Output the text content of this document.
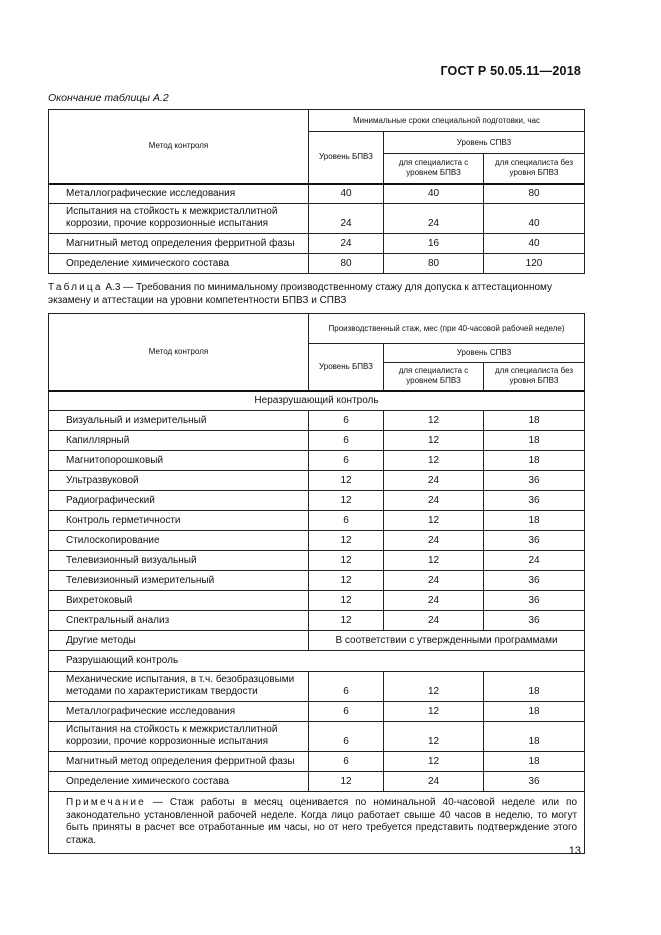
ГОСТ Р 50.05.11—2018
Окончание таблицы А.2
Метод контроля	Минимальные сроки специальной подготовки, час		
	Уровень БПВЗ	Уровень СПВЗ	
		для специалиста с уровнем БПВЗ	для специалиста без уровня БПВЗ
Металлографические исследования	40	40	80
Испытания на стойкость к межкристаллитной коррозии, прочие коррозионные испытания	24	24	40
Магнитный метод определения ферритной фазы	24	16	40
Определение химического состава	80	80	120
Таблица А.3 — Требования по минимальному производственному стажу для допуска к аттестационному экзамену и аттестации на уровни компетентности БПВЗ и СПВЗ
Метод контроля	Производственный стаж, мес (при 40-часовой рабочей неделе)		
	Уровень БПВЗ	Уровень СПВЗ	
		для специалиста с уровнем БПВЗ	для специалиста без уровня БПВЗ
Неразрушающий контроль			
Визуальный и измерительный	6	12	18
Капиллярный	6	12	18
Магнитопорошковый	6	12	18
Ультразвуковой	12	24	36
Радиографический	12	24	36
Контроль герметичности	6	12	18
Стилоскопирование	12	24	36
Телевизионный визуальный	12	12	24
Телевизионный измерительный	12	24	36
Вихретоковый	12	24	36
Спектральный анализ	12	24	36
Другие методы	В соответствии с утвержденными программами		
Разрушающий контроль			
Механические испытания, в т.ч. безобразцовыми методами по характеристикам твердости	6	12	18
Металлографические исследования	6	12	18
Испытания на стойкость к межкристаллитной коррозии, прочие коррозионные испытания	6	12	18
Магнитный метод определения ферритной фазы	6	12	18
Определение химического состава	12	24	36
Примечание — Стаж работы в месяц оценивается по номинальной 40-часовой неделе или по законодательно установленной рабочей неделе. Когда лицо работает свыше 40 часов в неделю, то могут быть приняты в расчет все отработанные им часы, но от него требуется представить подтверждение этого стажа.			
13
